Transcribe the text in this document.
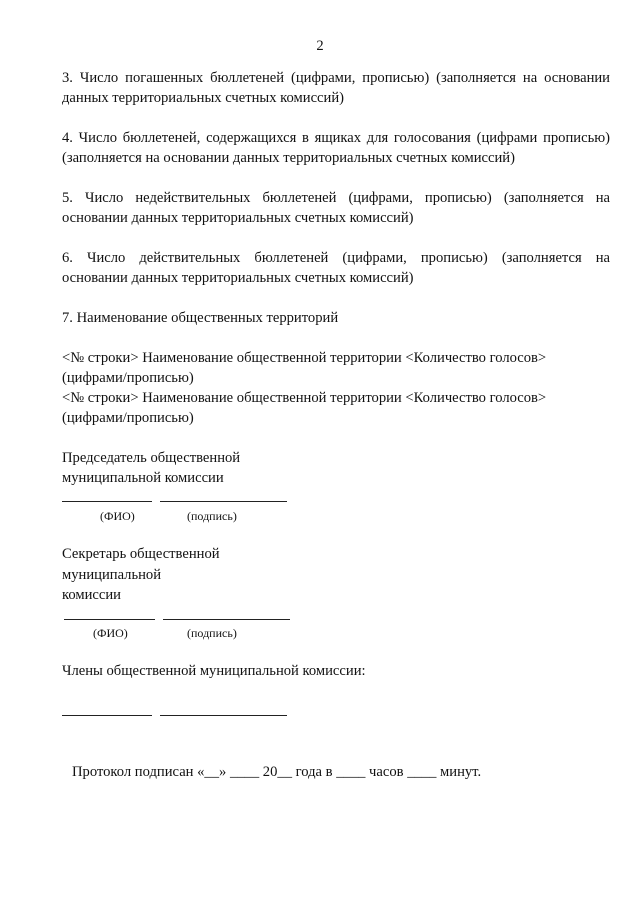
2
3. Число погашенных бюллетеней (цифрами, прописью) (заполняется на основании
данных территориальных счетных комиссий)
4. Число бюллетеней, содержащихся в ящиках для голосования (цифрами прописью)
(заполняется на основании данных территориальных счетных комиссий)
5. Число недействительных бюллетеней (цифрами, прописью) (заполняется на
основании данных территориальных счетных комиссий)
6. Число действительных бюллетеней (цифрами, прописью) (заполняется на
основании данных территориальных счетных комиссий)
7. Наименование общественных территорий
<№ строки> Наименование общественной территории <Количество голосов>
(цифрами/прописью)
<№ строки> Наименование общественной территории <Количество голосов>
(цифрами/прописью)
Председатель общественной
муниципальной комиссии
(ФИО)	(подпись)
Секретарь общественной
муниципальной
комиссии
(ФИО)	(подпись)
Члены общественной муниципальной комиссии:
Протокол подписан «__» ____ 20__ года в ____ часов ____ минут.
